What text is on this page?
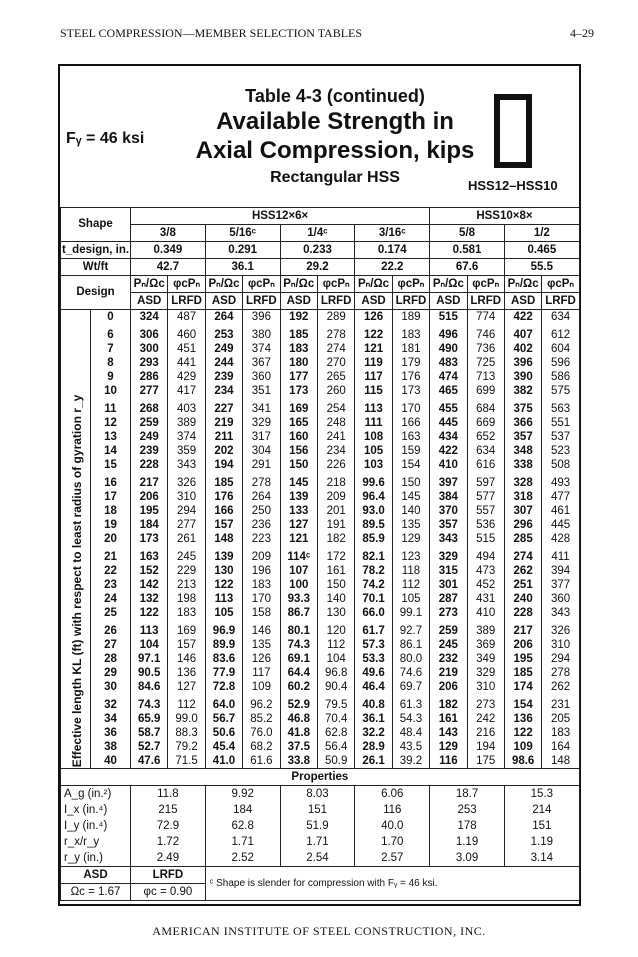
STEEL COMPRESSION—MEMBER SELECTION TABLES	4–29
Fᵧ = 46 ksi
Table 4-3 (continued)
Available Strength in
Axial Compression, kips
Rectangular HSS	HSS12–HSS10
Shape		HSS12×6×								HSS10×8×			
		3/8		5/16ᶜ		1/4ᶜ		3/16ᶜ		5/8		1/2	
t_design, in.		0.349		0.291		0.233		0.174		0.581		0.465	
Wt/ft		42.7		36.1		29.2		22.2		67.6		55.5	
Design		Pₙ/Ωc	φcPₙ	Pₙ/Ωc	φcPₙ	Pₙ/Ωc	φcPₙ	Pₙ/Ωc	φcPₙ	Pₙ/Ωc	φcPₙ	Pₙ/Ωc	φcPₙ
		ASD	LRFD	ASD	LRFD	ASD	LRFD	ASD	LRFD	ASD	LRFD	ASD	LRFD
	0	324	487	264	396	192	289	126	189	515	774	422	634
	6	306	460	253	380	185	278	122	183	496	746	407	612
	7	300	451	249	374	183	274	121	181	490	736	402	604
	8	293	441	244	367	180	270	119	179	483	725	396	596
	9	286	429	239	360	177	265	117	176	474	713	390	586
	10	277	417	234	351	173	260	115	173	465	699	382	575
	11	268	403	227	341	169	254	113	170	455	684	375	563
	12	259	389	219	329	165	248	111	166	445	669	366	551
	13	249	374	211	317	160	241	108	163	434	652	357	537
	14	239	359	202	304	156	234	105	159	422	634	348	523
	15	228	343	194	291	150	226	103	154	410	616	338	508
	16	217	326	185	278	145	218	99.6	150	397	597	328	493
	17	206	310	176	264	139	209	96.4	145	384	577	318	477
	18	195	294	166	250	133	201	93.0	140	370	557	307	461
	19	184	277	157	236	127	191	89.5	135	357	536	296	445
	20	173	261	148	223	121	182	85.9	129	343	515	285	428
	21	163	245	139	209	114ᶜ	172	82.1	123	329	494	274	411
	22	152	229	130	196	107	161	78.2	118	315	473	262	394
	23	142	213	122	183	100	150	74.2	112	301	452	251	377
	24	132	198	113	170	93.3	140	70.1	105	287	431	240	360
	25	122	183	105	158	86.7	130	66.0	99.1	273	410	228	343
	26	113	169	96.9	146	80.1	120	61.7	92.7	259	389	217	326
	27	104	157	89.9	135	74.3	112	57.3	86.1	245	369	206	310
	28	97.1	146	83.6	126	69.1	104	53.3	80.0	232	349	195	294
	29	90.5	136	77.9	117	64.4	96.8	49.6	74.6	219	329	185	278
	30	84.6	127	72.8	109	60.2	90.4	46.4	69.7	206	310	174	262
	32	74.3	112	64.0	96.2	52.9	79.5	40.8	61.3	182	273	154	231
	34	65.9	99.0	56.7	85.2	46.8	70.4	36.1	54.3	161	242	136	205
	36	58.7	88.3	50.6	76.0	41.8	62.8	32.2	48.4	143	216	122	183
	38	52.7	79.2	45.4	68.2	37.5	56.4	28.9	43.5	129	194	109	164
	40	47.6	71.5	41.0	61.6	33.8	50.9	26.1	39.2	116	175	98.6	148
Properties													
A_g (in.²)		11.8		9.92		8.03		6.06		18.7		15.3	
I_x (in.⁴)		215		184		151		116		253		214	
I_y (in.⁴)		72.9		62.8		51.9		40.0		178		151	
r_x/r_y		1.72		1.71		1.71		1.70		1.19		1.19	
r_y (in.)		2.49		2.52		2.54		2.57		3.09		3.14	
ASD		LRFD		ᶜ Shape is slender for compression with Fᵧ = 46 ksi.									
Ωc = 1.67		φc = 0.90											
Effective length KL (ft) with respect to least radius of gyration r_y
AMERICAN INSTITUTE OF STEEL CONSTRUCTION, INC.
